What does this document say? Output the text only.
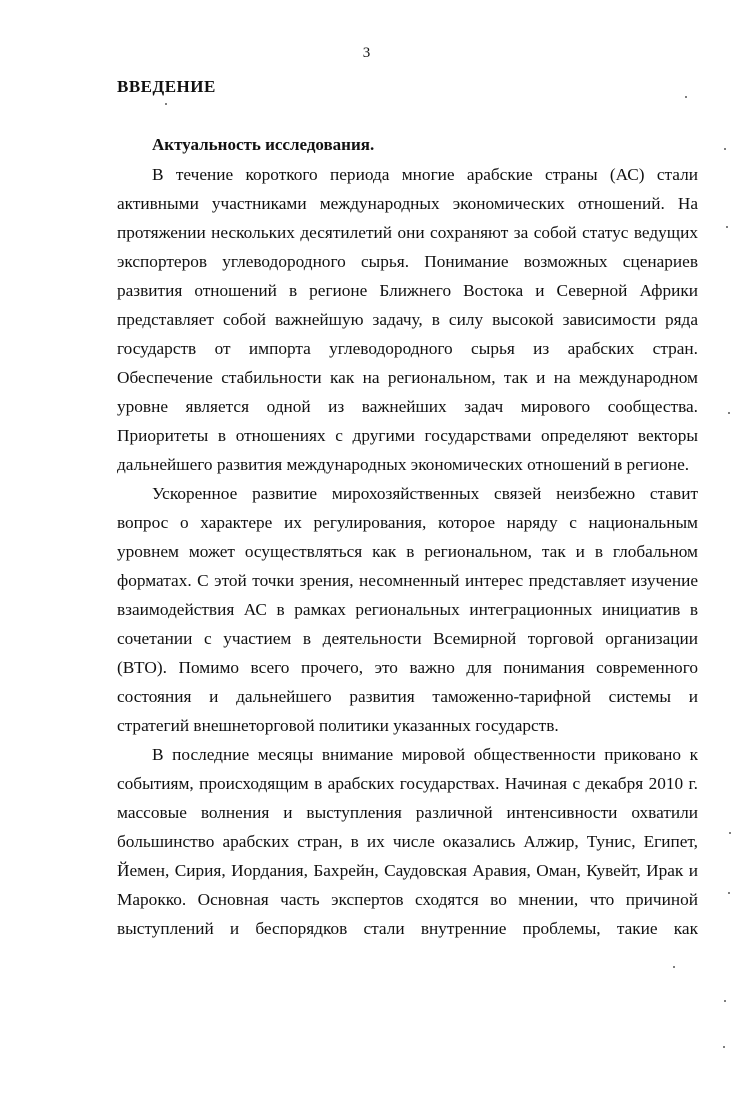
3
ВВЕДЕНИЕ
Актуальность исследования.
В течение короткого периода многие арабские страны (АС) стали
активными участниками международных экономических отношений. На
протяжении нескольких десятилетий они сохраняют за собой статус ведущих
экспортеров углеводородного сырья. Понимание возможных сценариев
развития отношений в регионе Ближнего Востока и Северной Африки
представляет собой важнейшую задачу, в силу высокой зависимости ряда
государств от импорта углеводородного сырья из арабских стран.
Обеспечение стабильности как на региональном, так и на международном
уровне является одной из важнейших задач мирового сообщества.
Приоритеты в отношениях с другими государствами определяют векторы
дальнейшего развития международных экономических отношений в регионе.
Ускоренное развитие мирохозяйственных связей неизбежно ставит
вопрос о характере их регулирования, которое наряду с национальным
уровнем может осуществляться как в региональном, так и в глобальном
форматах. С этой точки зрения, несомненный интерес представляет изучение
взаимодействия АС в рамках региональных интеграционных инициатив в
сочетании с участием в деятельности Всемирной торговой организации
(ВТО). Помимо всего прочего, это важно для понимания современного
состояния и дальнейшего развития таможенно-тарифной системы и
стратегий внешнеторговой политики указанных государств.
В последние месяцы внимание мировой общественности приковано к
событиям, происходящим в арабских государствах. Начиная с декабря 2010 г.
массовые волнения и выступления различной интенсивности охватили
большинство арабских стран, в их числе оказались Алжир, Тунис, Египет,
Йемен, Сирия, Иордания, Бахрейн, Саудовская Аравия, Оман, Кувейт, Ирак и
Марокко. Основная часть экспертов сходятся во мнении, что причиной
выступлений и беспорядков стали внутренние проблемы, такие как
